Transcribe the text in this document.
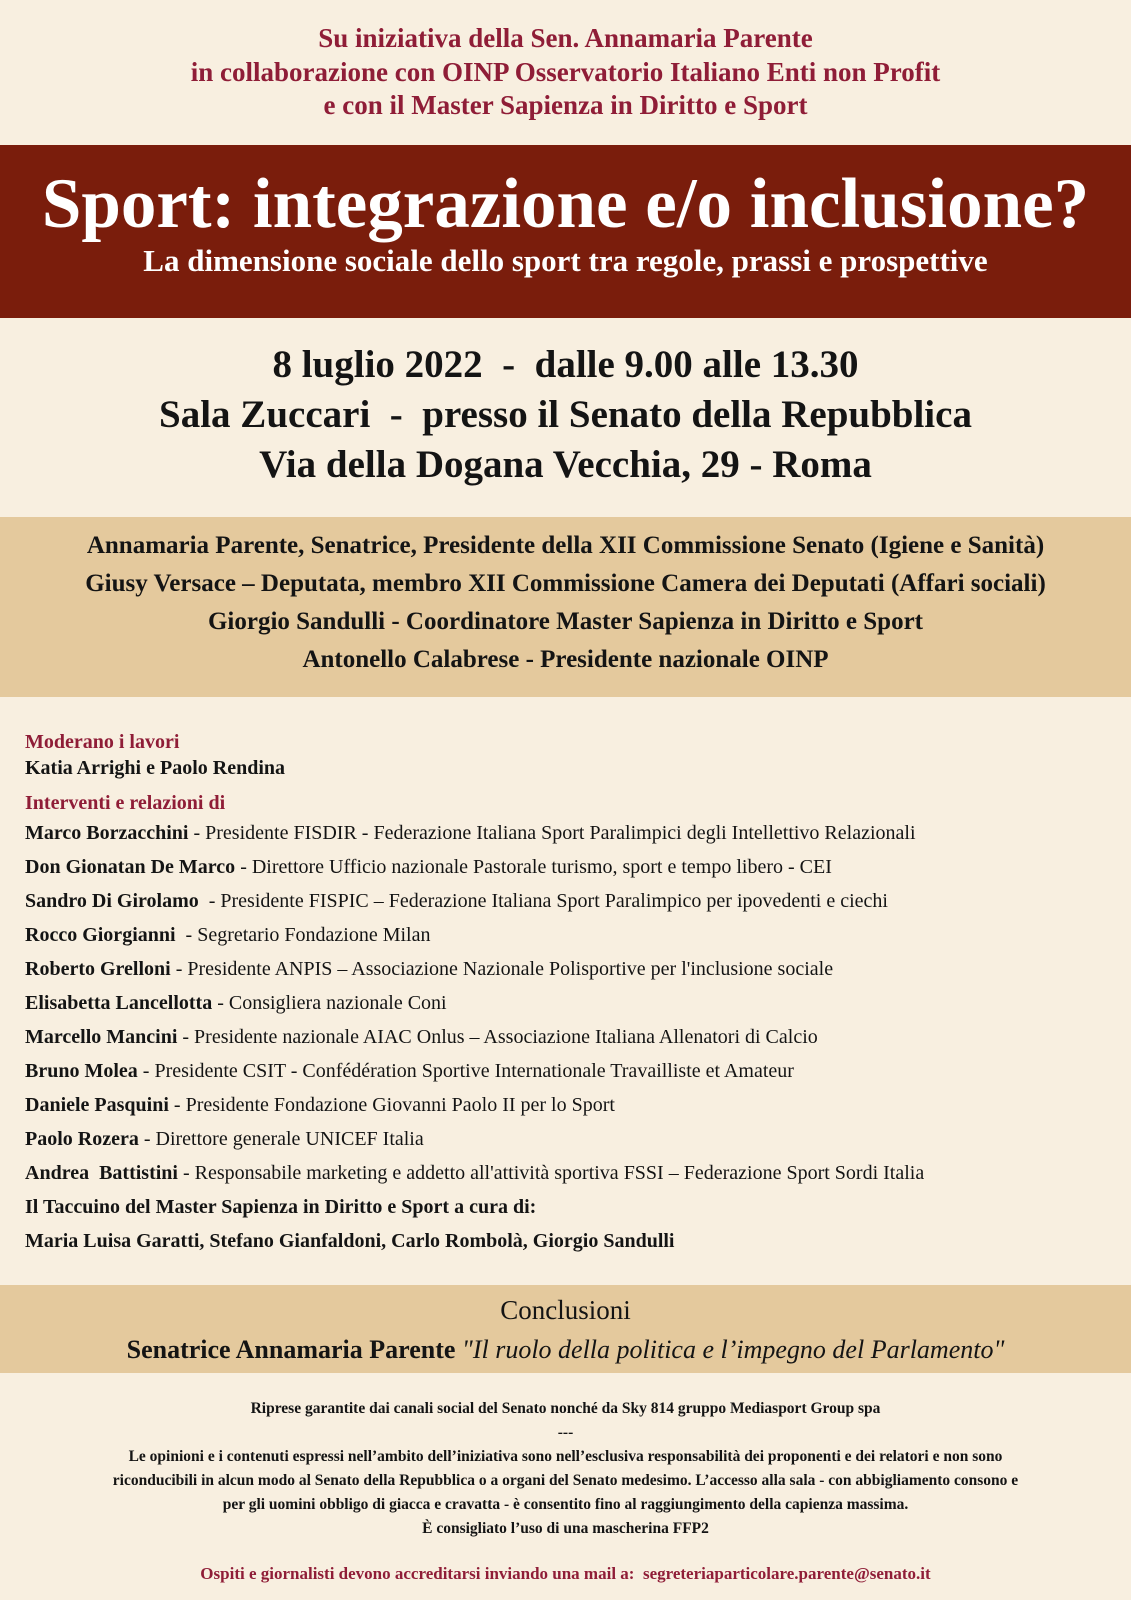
Su iniziativa della Sen. Annamaria Parente
in collaborazione con OINP Osservatorio Italiano Enti non Profit
e con il Master Sapienza in Diritto e Sport
Sport: integrazione e/o inclusione?
La dimensione sociale dello sport tra regole, prassi e prospettive
8 luglio 2022  -  dalle 9.00 alle 13.30
Sala Zuccari  -  presso il Senato della Repubblica
Via della Dogana Vecchia, 29 - Roma
Annamaria Parente, Senatrice, Presidente della XII Commissione Senato (Igiene e Sanità)
Giusy Versace – Deputata, membro XII Commissione Camera dei Deputati (Affari sociali)
Giorgio Sandulli - Coordinatore Master Sapienza in Diritto e Sport
Antonello Calabrese - Presidente nazionale OINP
Moderano i lavori
Katia Arrighi e Paolo Rendina
Interventi e relazioni di
Marco Borzacchini - Presidente FISDIR - Federazione Italiana Sport Paralimpici degli Intellettivo Relazionali
Don Gionatan De Marco - Direttore Ufficio nazionale Pastorale turismo, sport e tempo libero - CEI
Sandro Di Girolamo  - Presidente FISPIC – Federazione Italiana Sport Paralimpico per ipovedenti e ciechi
Rocco Giorgianni  - Segretario Fondazione Milan
Roberto Grelloni - Presidente ANPIS – Associazione Nazionale Polisportive per l'inclusione sociale
Elisabetta Lancellotta - Consigliera nazionale Coni
Marcello Mancini - Presidente nazionale AIAC Onlus – Associazione Italiana Allenatori di Calcio
Bruno Molea - Presidente CSIT - Confédération Sportive Internationale Travailliste et Amateur
Daniele Pasquini - Presidente Fondazione Giovanni Paolo II per lo Sport
Paolo Rozera - Direttore generale UNICEF Italia
Andrea  Battistini - Responsabile marketing e addetto all'attività sportiva FSSI – Federazione Sport Sordi Italia
Il Taccuino del Master Sapienza in Diritto e Sport a cura di:
Maria Luisa Garatti, Stefano Gianfaldoni, Carlo Rombolà, Giorgio Sandulli
Conclusioni
Senatrice Annamaria Parente "Il ruolo della politica e l’impegno del Parlamento"
Riprese garantite dai canali social del Senato nonché da Sky 814 gruppo Mediasport Group spa
---
Le opinioni e i contenuti espressi nell’ambito dell’iniziativa sono nell’esclusiva responsabilità dei proponenti e dei relatori e non sono
riconducibili in alcun modo al Senato della Repubblica o a organi del Senato medesimo. L’accesso alla sala - con abbigliamento consono e
per gli uomini obbligo di giacca e cravatta - è consentito fino al raggiungimento della capienza massima.
È consigliato l’uso di una mascherina FFP2
Ospiti e giornalisti devono accreditarsi inviando una mail a:  segreteriaparticolare.parente@senato.it
